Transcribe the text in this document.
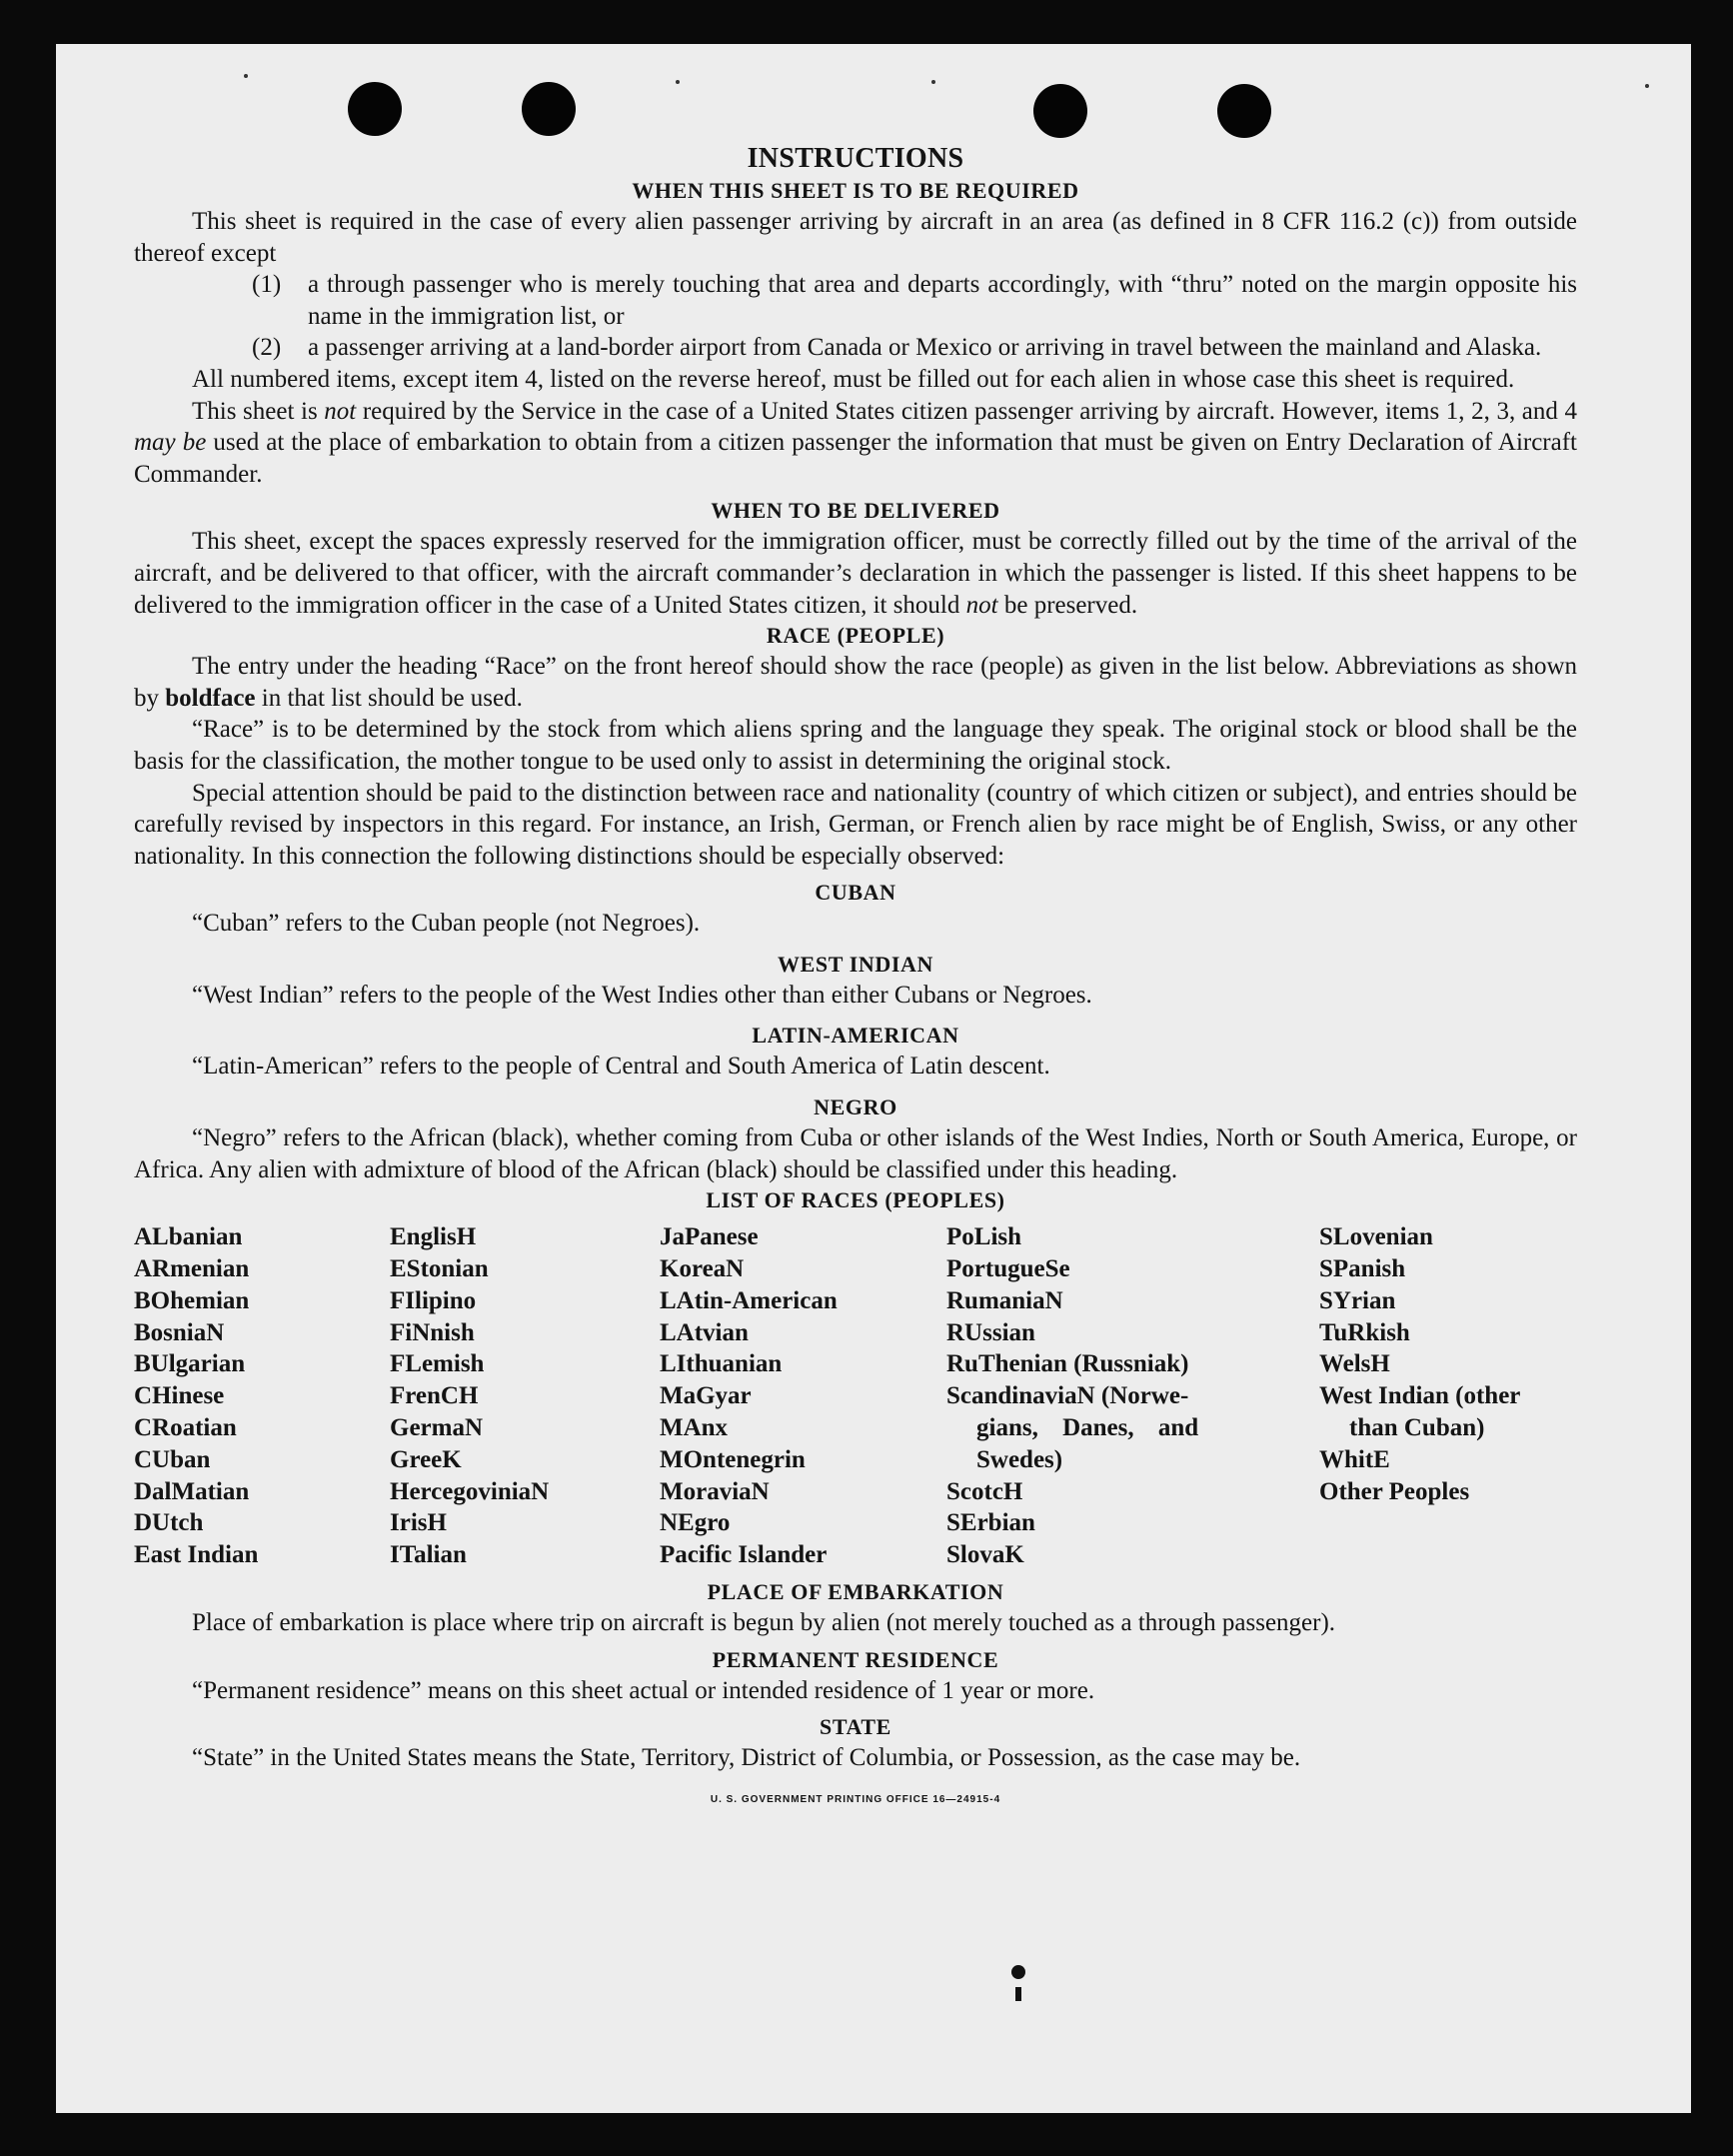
INSTRUCTIONS
WHEN THIS SHEET IS TO BE REQUIRED

This sheet is required in the case of every alien passenger arriving by aircraft in an area (as defined in 8 CFR 116.2 (c)) from outside thereof except

(1)	a through passenger who is merely touching that area and departs accordingly, with “thru” noted on the margin opposite his name in the immigration list, or
(2)	a passenger arriving at a land-border airport from Canada or Mexico or arriving in travel between the mainland and Alaska.

All numbered items, except item 4, listed on the reverse hereof, must be filled out for each alien in whose case this sheet is required.

This sheet is not required by the Service in the case of a United States citizen passenger arriving by aircraft. However, items 1, 2, 3, and 4 may be used at the place of embarkation to obtain from a citizen passenger the information that must be given on Entry Declaration of Aircraft Commander.

WHEN TO BE DELIVERED

This sheet, except the spaces expressly reserved for the immigration officer, must be correctly filled out by the time of the arrival of the aircraft, and be delivered to that officer, with the aircraft commander’s declaration in which the passenger is listed. If this sheet happens to be delivered to the immigration officer in the case of a United States citizen, it should not be preserved.

RACE (PEOPLE)

The entry under the heading “Race” on the front hereof should show the race (people) as given in the list below. Abbreviations as shown by boldface in that list should be used.

“Race” is to be determined by the stock from which aliens spring and the language they speak. The original stock or blood shall be the basis for the classification, the mother tongue to be used only to assist in determining the original stock.

Special attention should be paid to the distinction between race and nationality (country of which citizen or subject), and entries should be carefully revised by inspectors in this regard. For instance, an Irish, German, or French alien by race might be of English, Swiss, or any other nationality. In this connection the following distinctions should be especially observed:

CUBAN

“Cuban” refers to the Cuban people (not Negroes).

WEST INDIAN

“West Indian” refers to the people of the West Indies other than either Cubans or Negroes.

LATIN-AMERICAN

“Latin-American” refers to the people of Central and South America of Latin descent.

NEGRO

“Negro” refers to the African (black), whether coming from Cuba or other islands of the West Indies, North or South America, Europe, or Africa. Any alien with admixture of blood of the African (black) should be classified under this heading.

LIST OF RACES (PEOPLES)
ALbanian
ARmenian
BOhemian
BosniaN
BUlgarian
CHinese
CRoatian
CUban
DalMatian
DUtch
East Indian
EnglisH
EStonian
FIlipino
FiNnish
FLemish
FrenCH
GermaN
GreeK
HercegoviniaN
IrisH
ITalian
JaPanese
KoreaN
LAtin-American
LAtvian
LIthuanian
MaGyar
MAnx
MOntenegrin
MoraviaN
NEgro
Pacific Islander
PoLish
PortugueSe
RumaniaN
RUssian
RuThenian (Russniak)
ScandinaviaN (Norwe-
gians, Danes, and
Swedes)
ScotcH
SErbian
SlovaK
SLovenian
SPanish
SYrian
TuRkish
WelsH
West Indian (other
than Cuban)
WhitE
Other Peoples
PLACE OF EMBARKATION

Place of embarkation is place where trip on aircraft is begun by alien (not merely touched as a through passenger).

PERMANENT RESIDENCE

“Permanent residence” means on this sheet actual or intended residence of 1 year or more.

STATE

“State” in the United States means the State, Territory, District of Columbia, or Possession, as the case may be.

U. S. GOVERNMENT PRINTING OFFICE 16—24915-4
